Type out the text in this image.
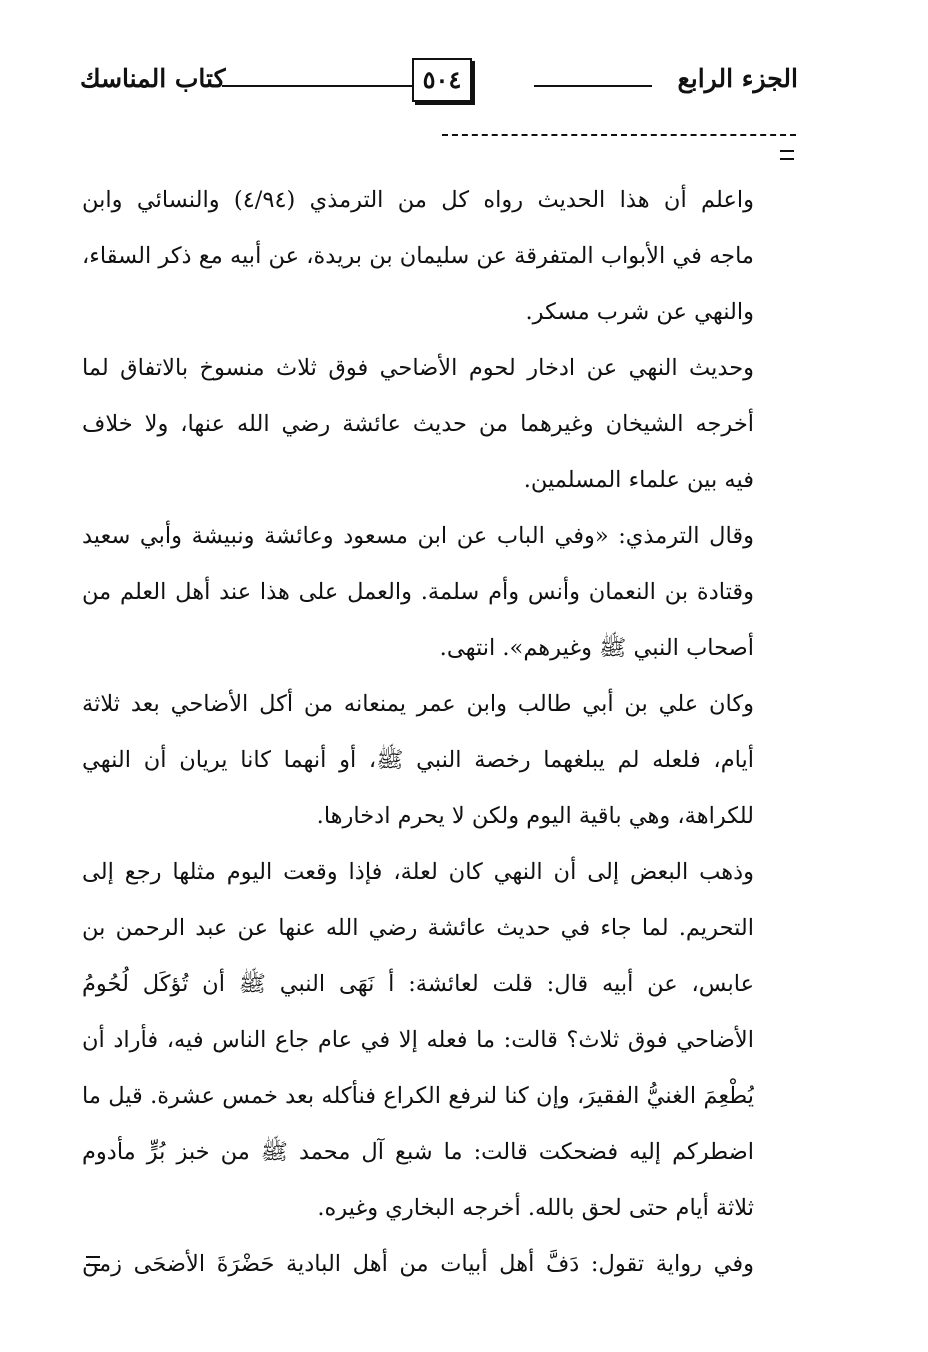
الجزء الرابع
٥٠٤
كتاب المناسك
واعلم أن هذا الحديث رواه كل من الترمذي (٤/٩٤) والنسائي وابن
ماجه في الأبواب المتفرقة عن سليمان بن بريدة، عن أبيه مع ذكر السقاء،
والنهي عن شرب مسكر.
وحديث النهي عن ادخار لحوم الأضاحي فوق ثلاث منسوخ بالاتفاق لما
أخرجه الشيخان وغيرهما من حديث عائشة رضي الله عنها، ولا خلاف
فيه بين علماء المسلمين.
وقال الترمذي: «وفي الباب عن ابن مسعود وعائشة ونبيشة وأبي سعيد
وقتادة بن النعمان وأنس وأم سلمة. والعمل على هذا عند أهل العلم من
أصحاب النبي ﷺ وغيرهم». انتهى.
وكان علي بن أبي طالب وابن عمر يمنعانه من أكل الأضاحي بعد ثلاثة
أيام، فلعله لم يبلغهما رخصة النبي ﷺ، أو أنهما كانا يريان أن النهي
للكراهة، وهي باقية اليوم ولكن لا يحرم ادخارها.
وذهب البعض إلى أن النهي كان لعلة، فإذا وقعت اليوم مثلها رجع إلى
التحريم. لما جاء في حديث عائشة رضي الله عنها عن عبد الرحمن بن
عابس، عن أبيه قال: قلت لعائشة: أ نَهَى النبي ﷺ أن تُؤكَل لُحُومُ
الأضاحي فوق ثلاث؟ قالت: ما فعله إلا في عام جاع الناس فيه، فأراد أن
يُطْعِمَ الغنيُّ الفقيرَ، وإن كنا لنرفع الكراع فنأكله بعد خمس عشرة. قيل ما
اضطركم إليه فضحكت قالت: ما شبع آل محمد ﷺ من خبز بُرٍّ مأدوم
ثلاثة أيام حتى لحق بالله. أخرجه البخاري وغيره.
وفي رواية تقول: دَفَّ أهل أبيات من أهل البادية حَضْرَةَ الأضحَى زمن
